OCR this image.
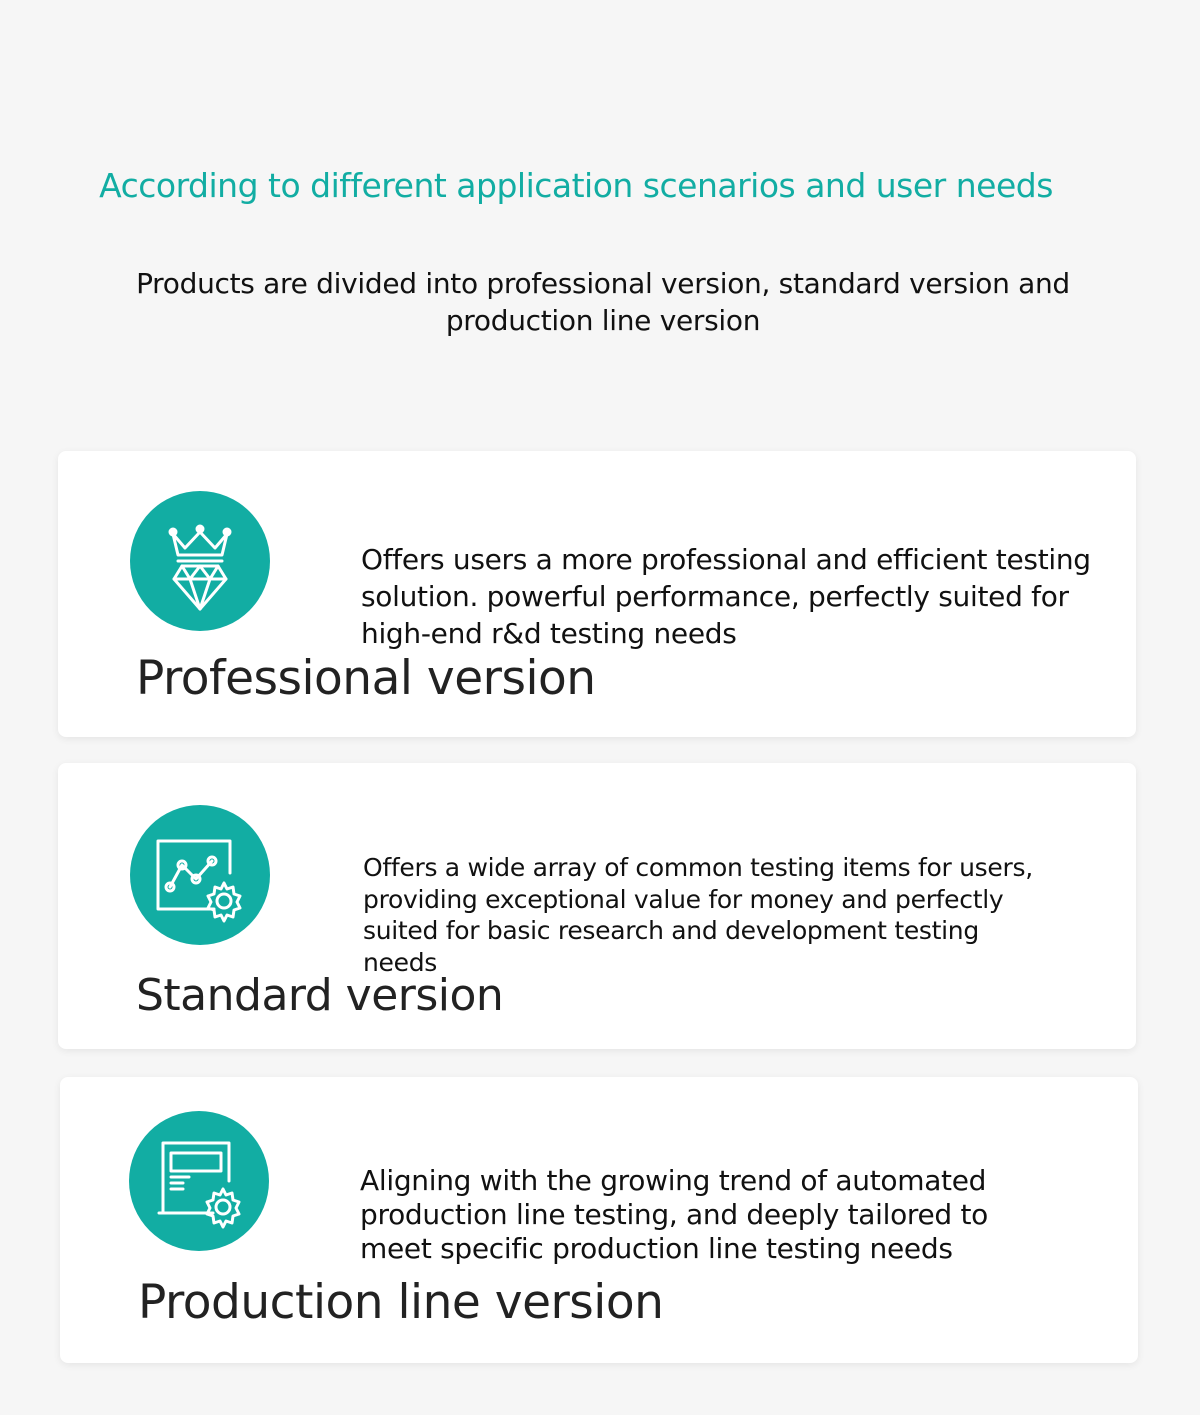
According to different application scenarios and user needs

Products are divided into professional version, standard version and production line version

Offers users a more professional and efficient testing solution. powerful performance, perfectly suited for high-end r&d testing needs

Professional version

Offers a wide array of common testing items for users, providing exceptional value for money and perfectly suited for basic research and development testing needs

Standard version

Aligning with the growing trend of automated production line testing, and deeply tailored to meet specific production line testing needs

Production line version
